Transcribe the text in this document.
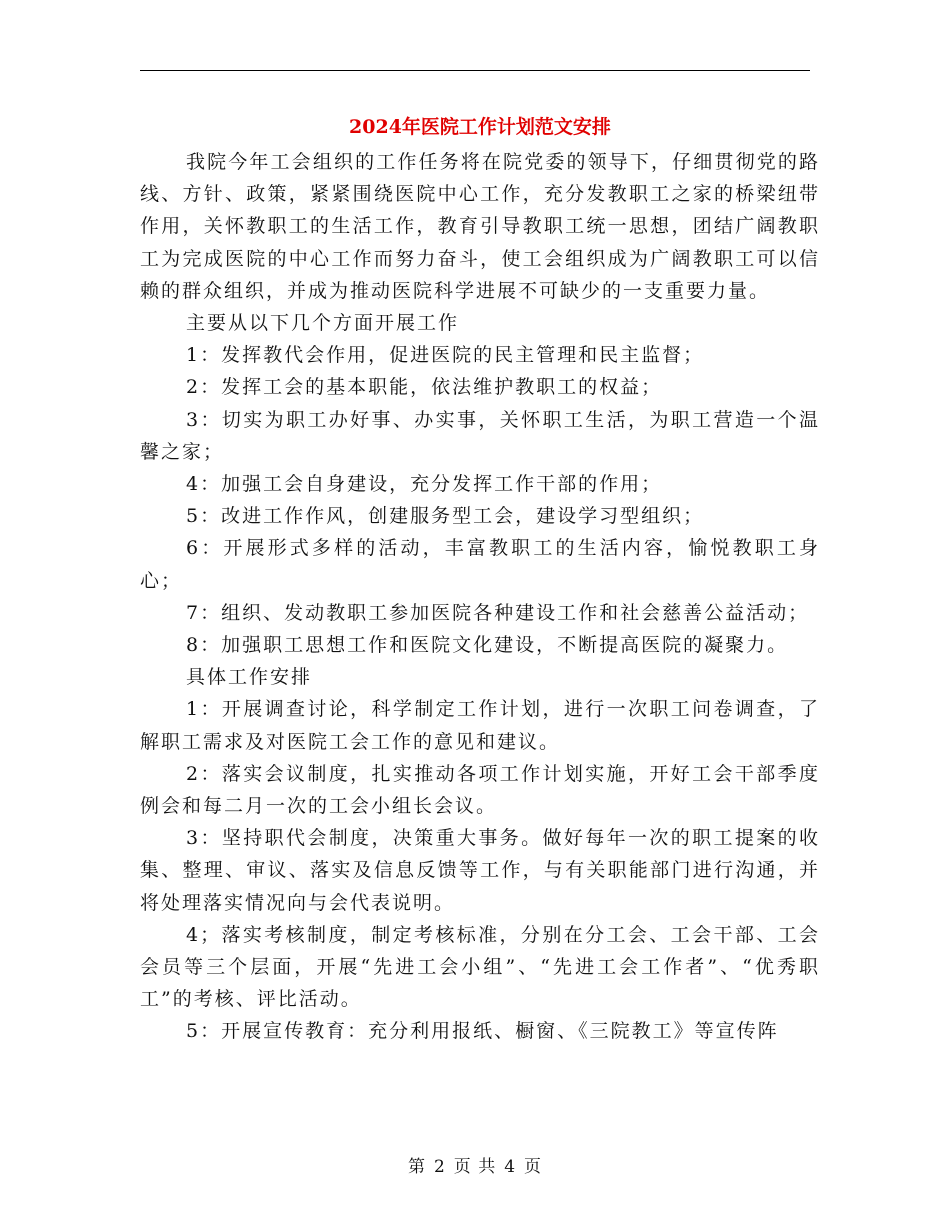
2024年医院工作计划范文安排

我院今年工会组织的工作任务将在院党委的领导下，仔细贯彻党的路线、方针、政策，紧紧围绕医院中心工作，充分发教职工之家的桥梁纽带作用，关怀教职工的生活工作，教育引导教职工统一思想，团结广阔教职工为完成医院的中心工作而努力奋斗，使工会组织成为广阔教职工可以信赖的群众组织，并成为推动医院科学进展不可缺少的一支重要力量。

主要从以下几个方面开展工作

1：发挥教代会作用，促进医院的民主管理和民主监督；

2：发挥工会的基本职能，依法维护教职工的权益；

3：切实为职工办好事、办实事，关怀职工生活，为职工营造一个温馨之家；

4：加强工会自身建设，充分发挥工作干部的作用；

5：改进工作作风，创建服务型工会，建设学习型组织；

6：开展形式多样的活动，丰富教职工的生活内容，愉悦教职工身心；

7：组织、发动教职工参加医院各种建设工作和社会慈善公益活动；

8：加强职工思想工作和医院文化建设，不断提高医院的凝聚力。

具体工作安排

1：开展调查讨论，科学制定工作计划，进行一次职工问卷调查，了解职工需求及对医院工会工作的意见和建议。

2：落实会议制度，扎实推动各项工作计划实施，开好工会干部季度例会和每二月一次的工会小组长会议。

3：坚持职代会制度，决策重大事务。做好每年一次的职工提案的收集、整理、审议、落实及信息反馈等工作，与有关职能部门进行沟通，并将处理落实情况向与会代表说明。

4；落实考核制度，制定考核标准，分别在分工会、工会干部、工会会员等三个层面，开展“先进工会小组”、“先进工会工作者”、“优秀职工”的考核、评比活动。

5：开展宣传教育：充分利用报纸、橱窗、《三院教工》等宣传阵

第 2 页 共 4 页
